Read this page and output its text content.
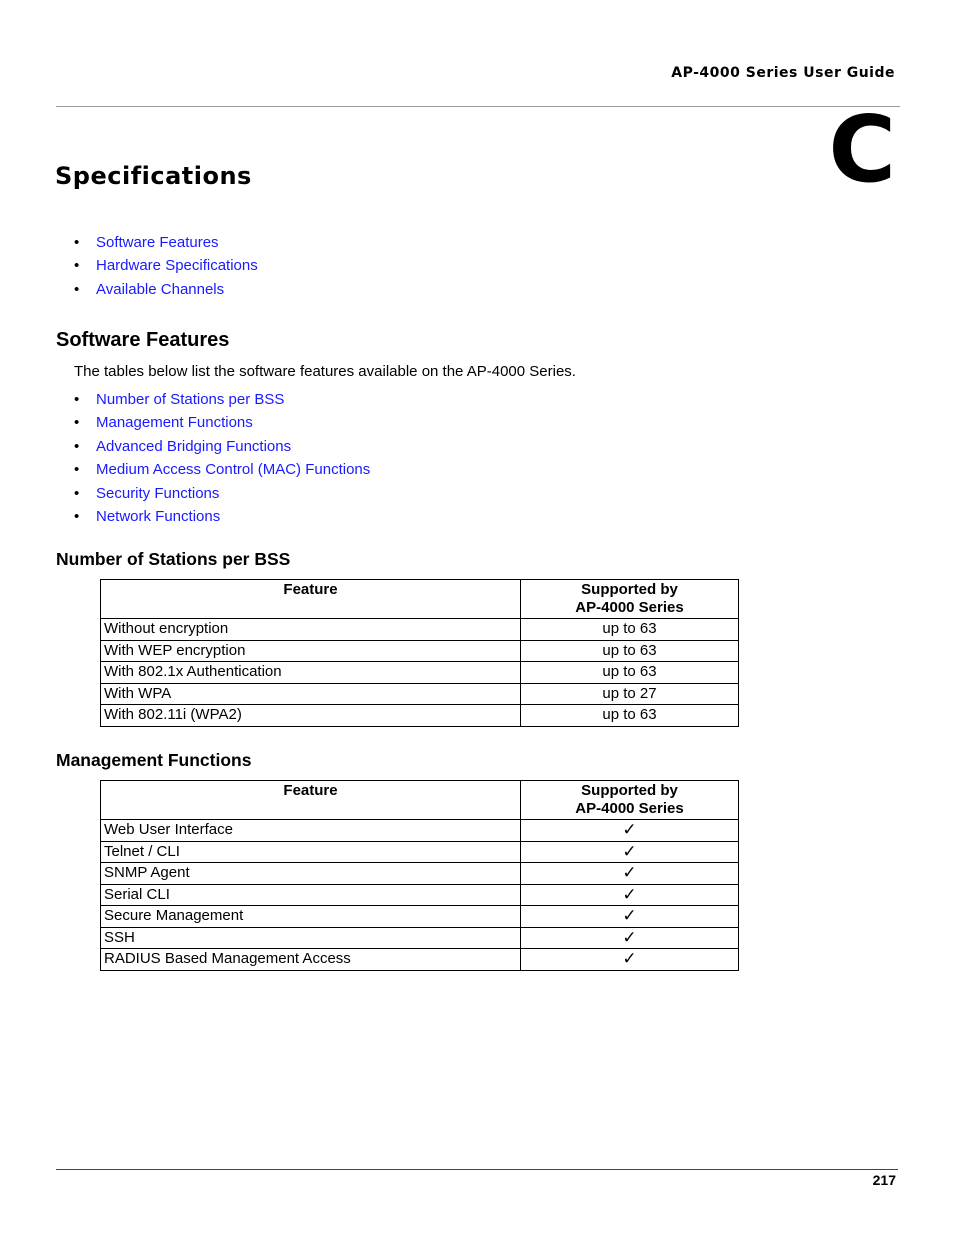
AP-4000 Series User Guide
C
Specifications
• Software Features
• Hardware Specifications
• Available Channels
Software Features
The tables below list the software features available on the AP-4000 Series.
• Number of Stations per BSS
• Management Functions
• Advanced Bridging Functions
• Medium Access Control (MAC) Functions
• Security Functions
• Network Functions
Number of Stations per BSS
Feature	Supported by
AP-4000 Series
Without encryption	up to 63
With WEP encryption	up to 63
With 802.1x Authentication	up to 63
With WPA	up to 27
With 802.11i (WPA2)	up to 63
Management Functions
Feature	Supported by
AP-4000 Series
Web User Interface	✓
Telnet / CLI	✓
SNMP Agent	✓
Serial CLI	✓
Secure Management	✓
SSH	✓
RADIUS Based Management Access	✓
217
